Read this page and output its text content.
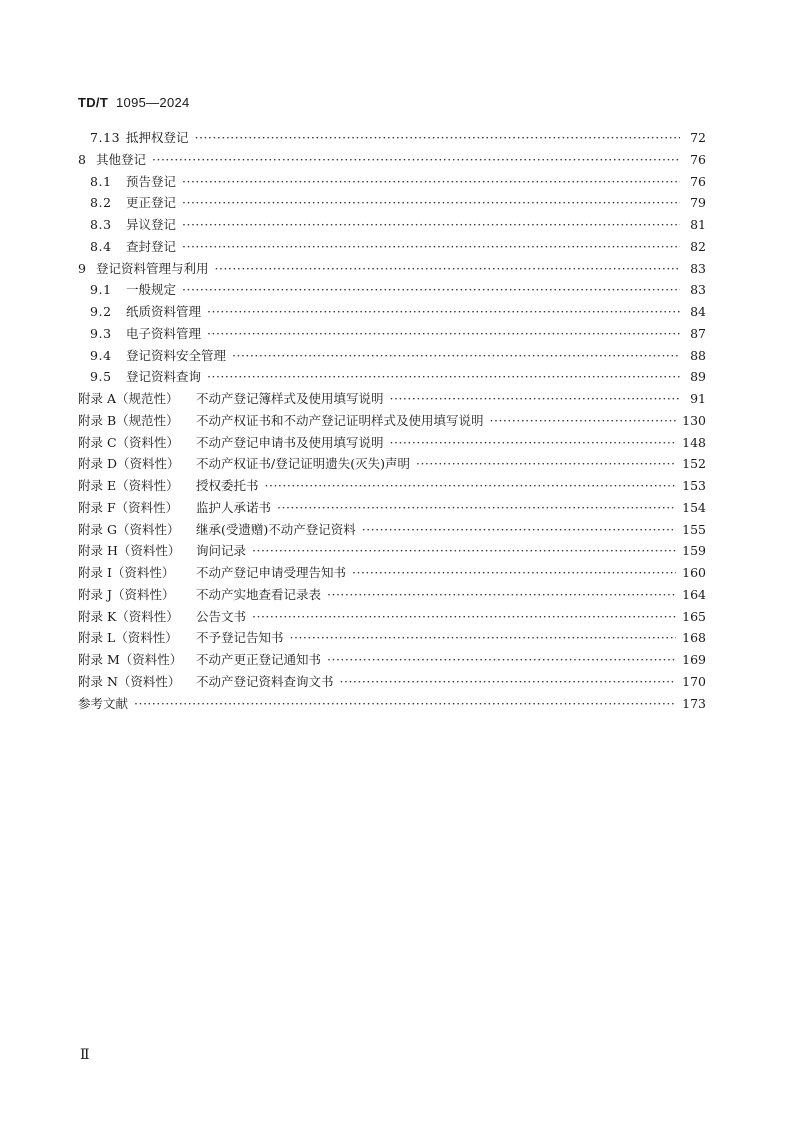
TD/T 1095—2024
7.13 抵押权登记 ·····	72
8 其他登记 ·····	76
8.1	预告登记 ·····	76
8.2	更正登记 ·····	79
8.3	异议登记 ·····	81
8.4	查封登记 ·····	82
9 登记资料管理与利用 ·····	83
9.1	一般规定 ·····	83
9.2	纸质资料管理 ·····	84
9.3	电子资料管理 ·····	87
9.4	登记资料安全管理 ·····	88
9.5	登记资料查询 ·····	89
附录 A（规范性）	不动产登记簿样式及使用填写说明 ·····	91
附录 B（规范性）	不动产权证书和不动产登记证明样式及使用填写说明 ·····	130
附录 C（资料性）	不动产登记申请书及使用填写说明 ·····	148
附录 D（资料性）	不动产权证书/登记证明遗失(灭失)声明 ·····	152
附录 E（资料性）	授权委托书 ·····	153
附录 F（资料性）	监护人承诺书 ·····	154
附录 G（资料性）	继承(受遗赠)不动产登记资料 ·····	155
附录 H（资料性）	询问记录 ·····	159
附录 I（资料性）	不动产登记申请受理告知书 ·····	160
附录 J（资料性）	不动产实地查看记录表 ·····	164
附录 K（资料性）	公告文书 ·····	165
附录 L（资料性）	不予登记告知书 ·····	168
附录 M（资料性）	不动产更正登记通知书 ·····	169
附录 N（资料性）	不动产登记资料查询文书 ·····	170
参考文献 ·····	173
Ⅱ
